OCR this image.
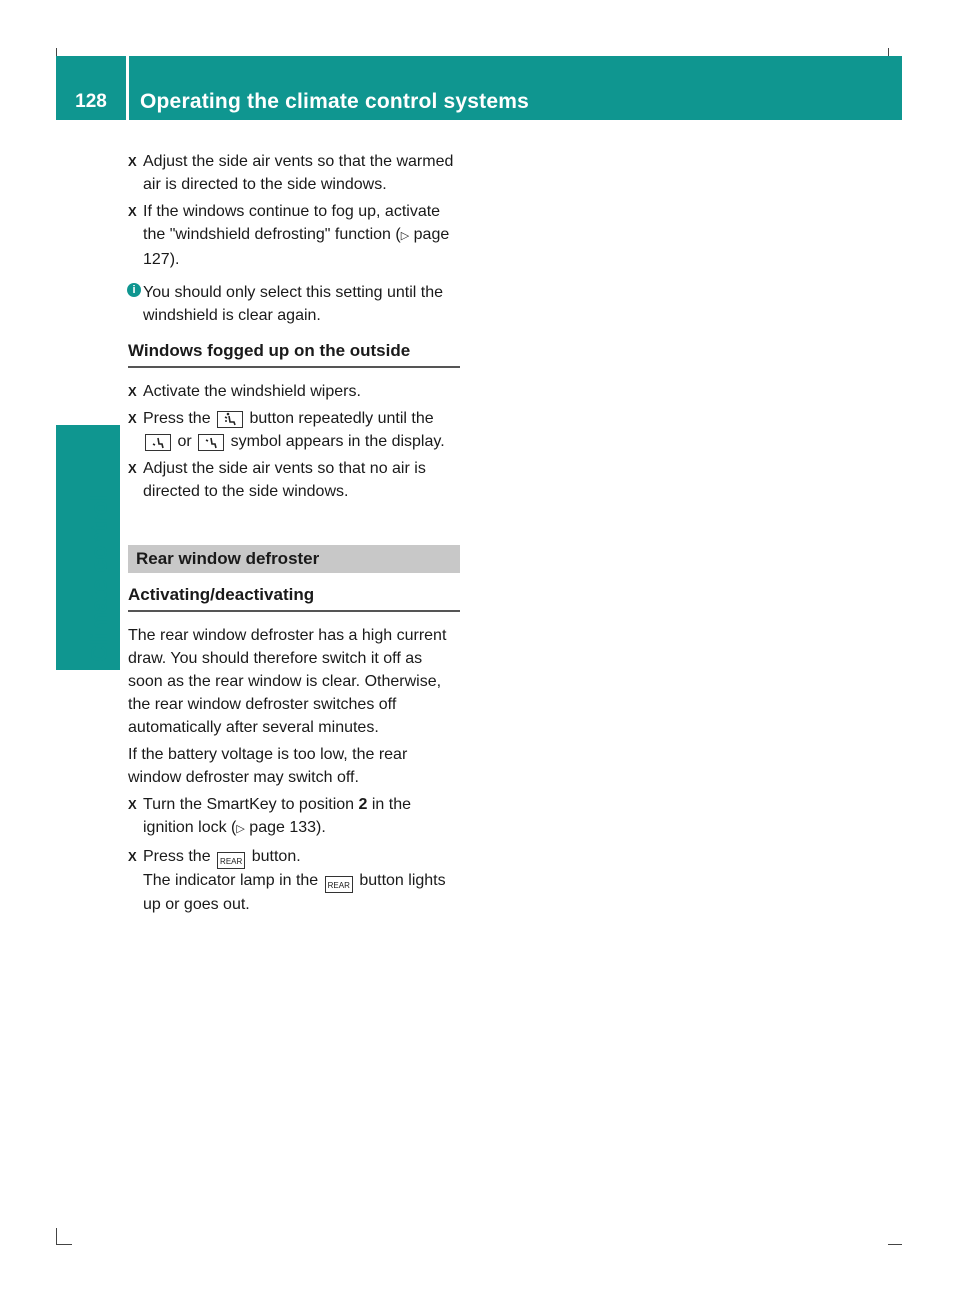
128	Operating the climate control systems
Climate control
X Adjust the side air vents so that the warmed air is directed to the side windows.
X If the windows continue to fog up, activate the "windshield defrosting" function (▷ page 127).
i You should only select this setting until the windshield is clear again.
Windows fogged up on the outside
X Activate the windshield wipers.
X Press the button repeatedly until the  or symbol appears in the display.
X Adjust the side air vents so that no air is directed to the side windows.
Rear window defroster
Activating/deactivating
The rear window defroster has a high current draw. You should therefore switch it off as soon as the rear window is clear. Otherwise, the rear window defroster switches off automatically after several minutes.
If the battery voltage is too low, the rear window defroster may switch off.
X Turn the SmartKey to position 2 in the ignition lock (▷ page 133).
X Press the REAR button.
The indicator lamp in the REAR button lights up or goes out.
